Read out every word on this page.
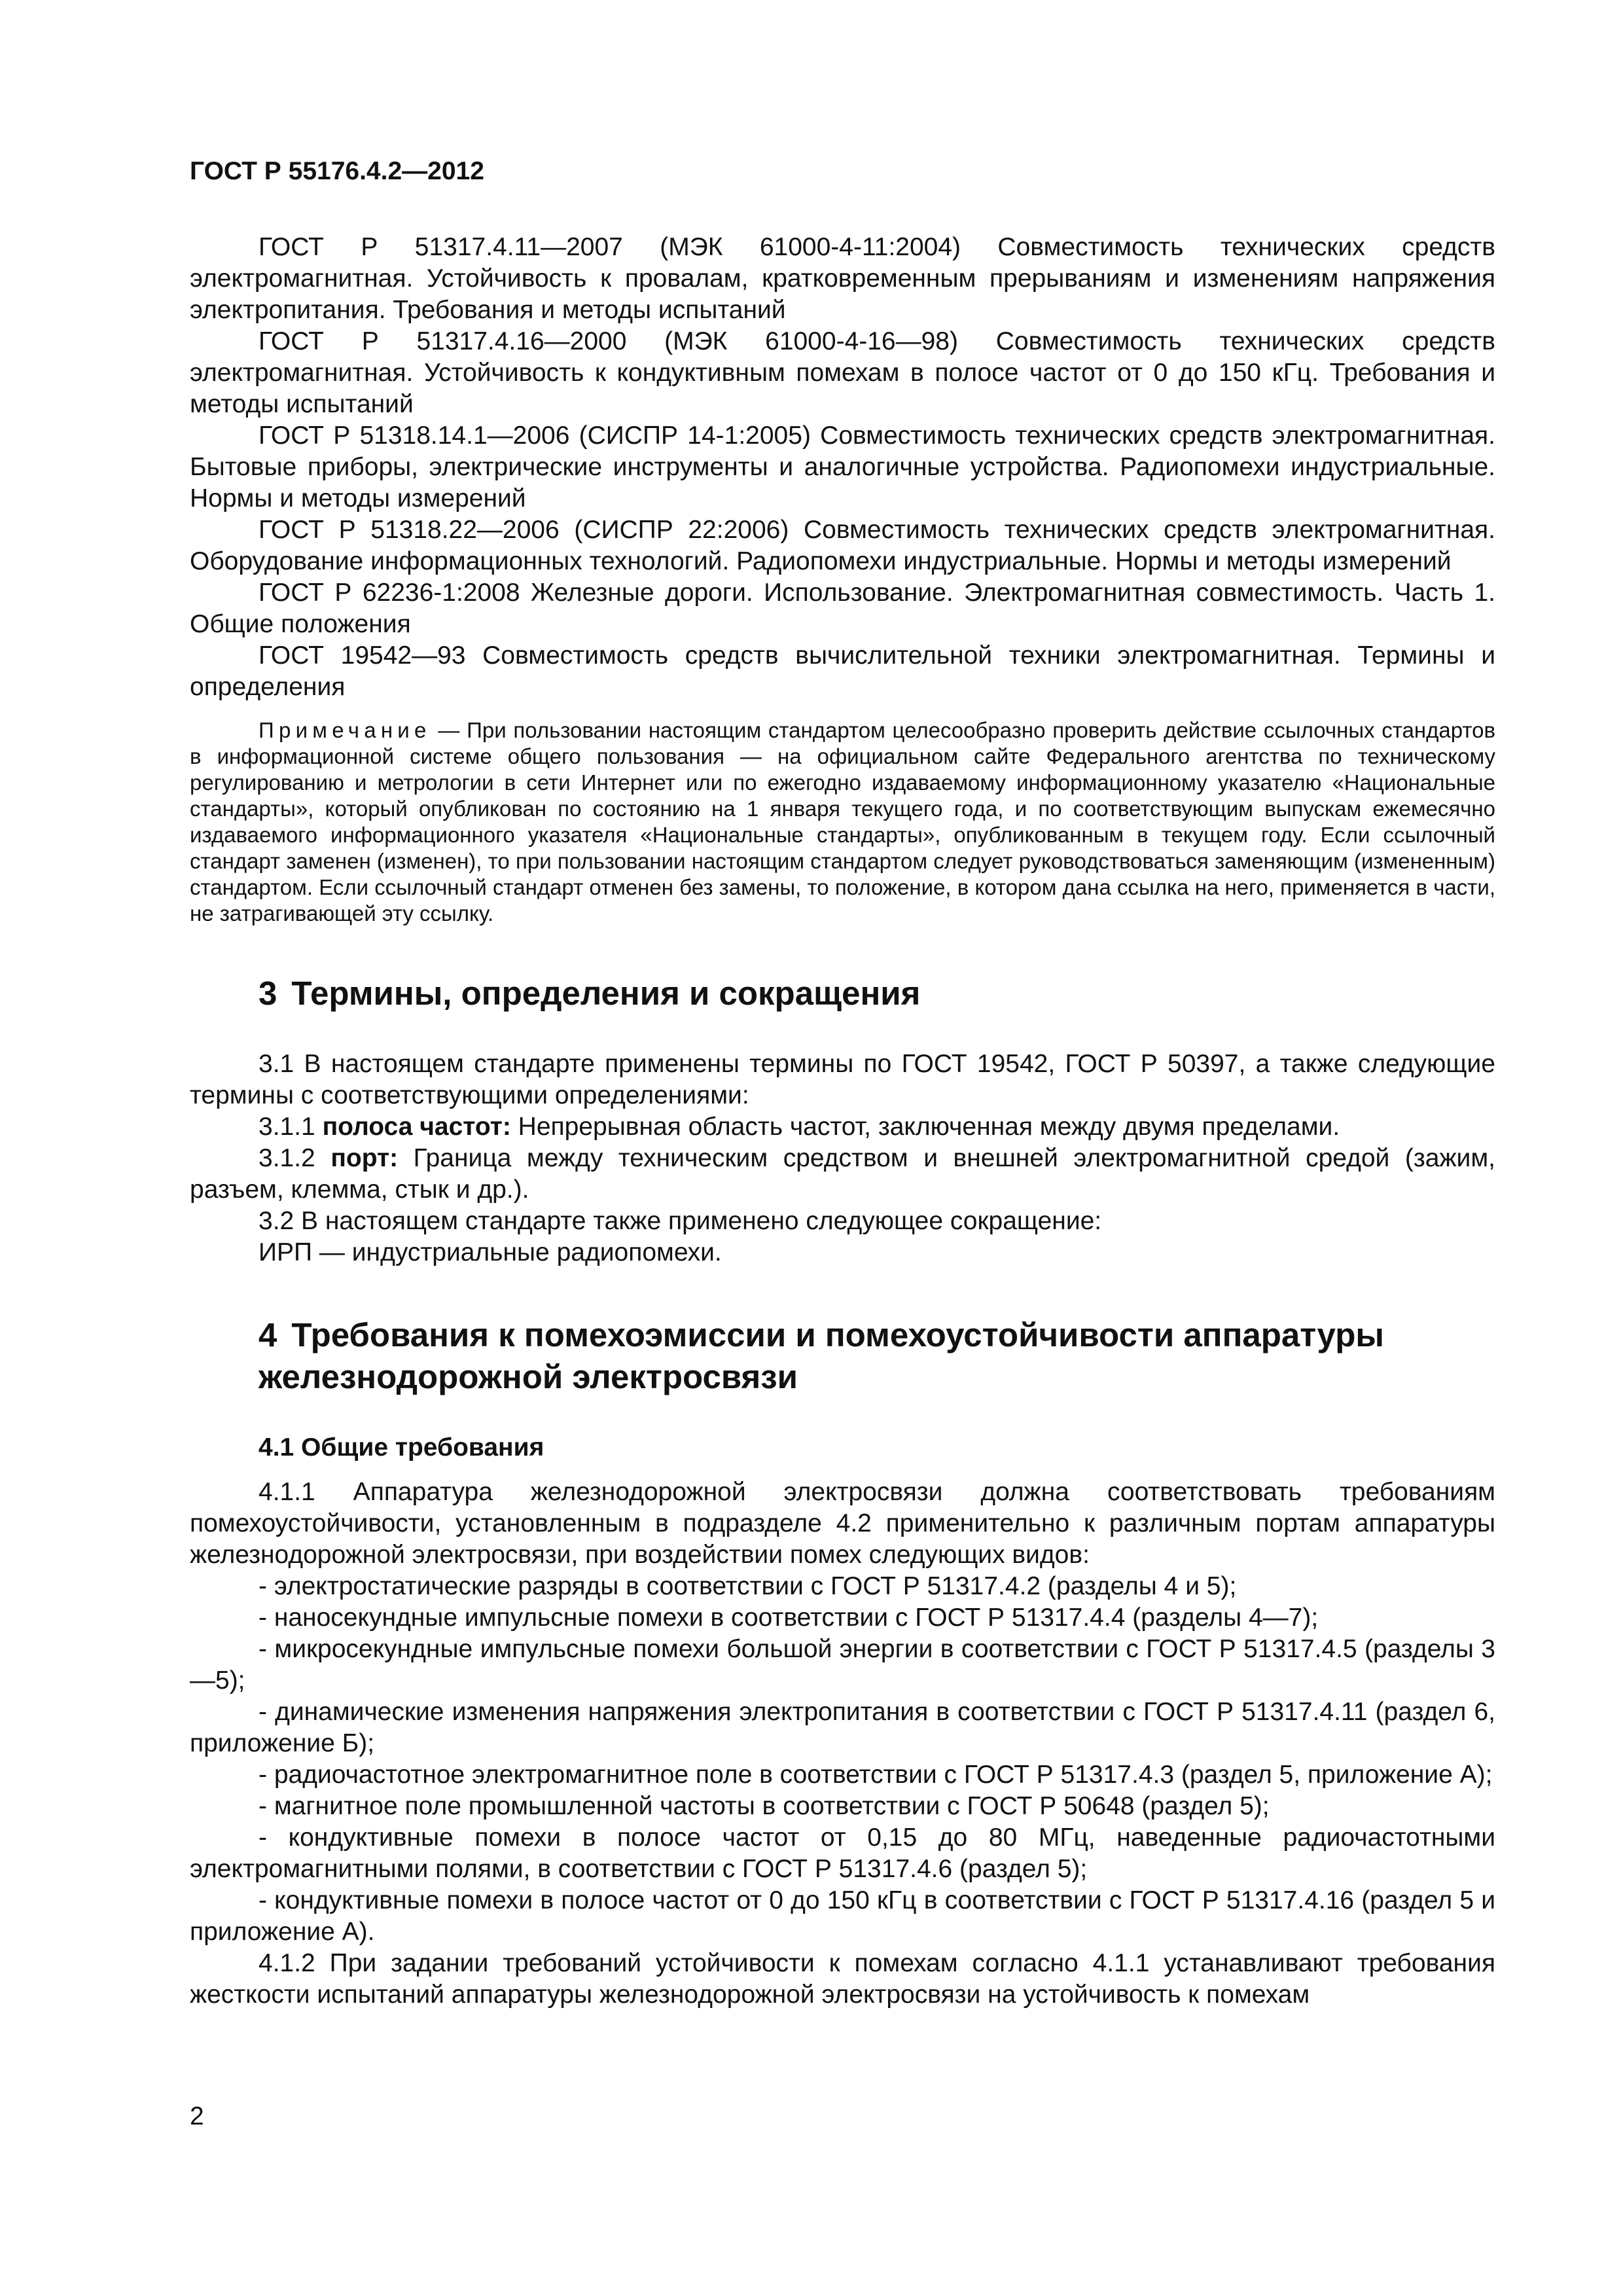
ГОСТ Р 55176.4.2—2012

ГОСТ Р 51317.4.11—2007 (МЭК 61000-4-11:2004) Совместимость технических средств электромагнитная. Устойчивость к провалам, кратковременным прерываниям и изменениям напряжения электропитания. Требования и методы испытаний

ГОСТ Р 51317.4.16—2000 (МЭК 61000-4-16—98) Совместимость технических средств электромагнитная. Устойчивость к кондуктивным помехам в полосе частот от 0 до 150 кГц. Требования и методы испытаний

ГОСТ Р 51318.14.1—2006 (СИСПР 14-1:2005) Совместимость технических средств электромагнитная. Бытовые приборы, электрические инструменты и аналогичные устройства. Радиопомехи индустриальные. Нормы и методы измерений

ГОСТ Р 51318.22—2006 (СИСПР 22:2006) Совместимость технических средств электромагнитная. Оборудование информационных технологий. Радиопомехи индустриальные. Нормы и методы измерений

ГОСТ Р 62236-1:2008 Железные дороги. Использование. Электромагнитная совместимость. Часть 1. Общие положения

ГОСТ 19542—93 Совместимость средств вычислительной техники электромагнитная. Термины и определения

Примечание — При пользовании настоящим стандартом целесообразно проверить действие ссылочных стандартов в информационной системе общего пользования — на официальном сайте Федерального агентства по техническому регулированию и метрологии в сети Интернет или по ежегодно издаваемому информационному указателю «Национальные стандарты», который опубликован по состоянию на 1 января текущего года, и по соответствующим выпускам ежемесячно издаваемого информационного указателя «Национальные стандарты», опубликованным в текущем году. Если ссылочный стандарт заменен (изменен), то при пользовании настоящим стандартом следует руководствоваться заменяющим (измененным) стандартом. Если ссылочный стандарт отменен без замены, то положение, в котором дана ссылка на него, применяется в части, не затрагивающей эту ссылку.

3 Термины, определения и сокращения

3.1 В настоящем стандарте применены термины по ГОСТ 19542, ГОСТ Р 50397, а также следующие термины с соответствующими определениями:

3.1.1 полоса частот: Непрерывная область частот, заключенная между двумя пределами.

3.1.2 порт: Граница между техническим средством и внешней электромагнитной средой (зажим, разъем, клемма, стык и др.).

3.2 В настоящем стандарте также применено следующее сокращение:

ИРП — индустриальные радиопомехи.

4 Требования к помехоэмиссии и помехоустойчивости аппаратуры железнодорожной электросвязи
4.1 Общие требования

4.1.1 Аппаратура железнодорожной электросвязи должна соответствовать требованиям помехоустойчивости, установленным в подразделе 4.2 применительно к различным портам аппаратуры железнодорожной электросвязи, при воздействии помех следующих видов:

- электростатические разряды в соответствии с ГОСТ Р 51317.4.2 (разделы 4 и 5);

- наносекундные импульсные помехи в соответствии с ГОСТ Р 51317.4.4 (разделы 4—7);

- микросекундные импульсные помехи большой энергии в соответствии с ГОСТ Р 51317.4.5 (разделы 3—5);

- динамические изменения напряжения электропитания в соответствии с ГОСТ Р 51317.4.11 (раздел 6, приложение Б);

- радиочастотное электромагнитное поле в соответствии с ГОСТ Р 51317.4.3 (раздел 5, приложение А);

- магнитное поле промышленной частоты в соответствии с ГОСТ Р 50648 (раздел 5);

- кондуктивные помехи в полосе частот от 0,15 до 80 МГц, наведенные радиочастотными электромагнитными полями, в соответствии с ГОСТ Р 51317.4.6 (раздел 5);

- кондуктивные помехи в полосе частот от 0 до 150 кГц в соответствии с ГОСТ Р 51317.4.16 (раздел 5 и приложение А).

4.1.2 При задании требований устойчивости к помехам согласно 4.1.1 устанавливают требования жесткости испытаний аппаратуры железнодорожной электросвязи на устойчивость к помехам

2
